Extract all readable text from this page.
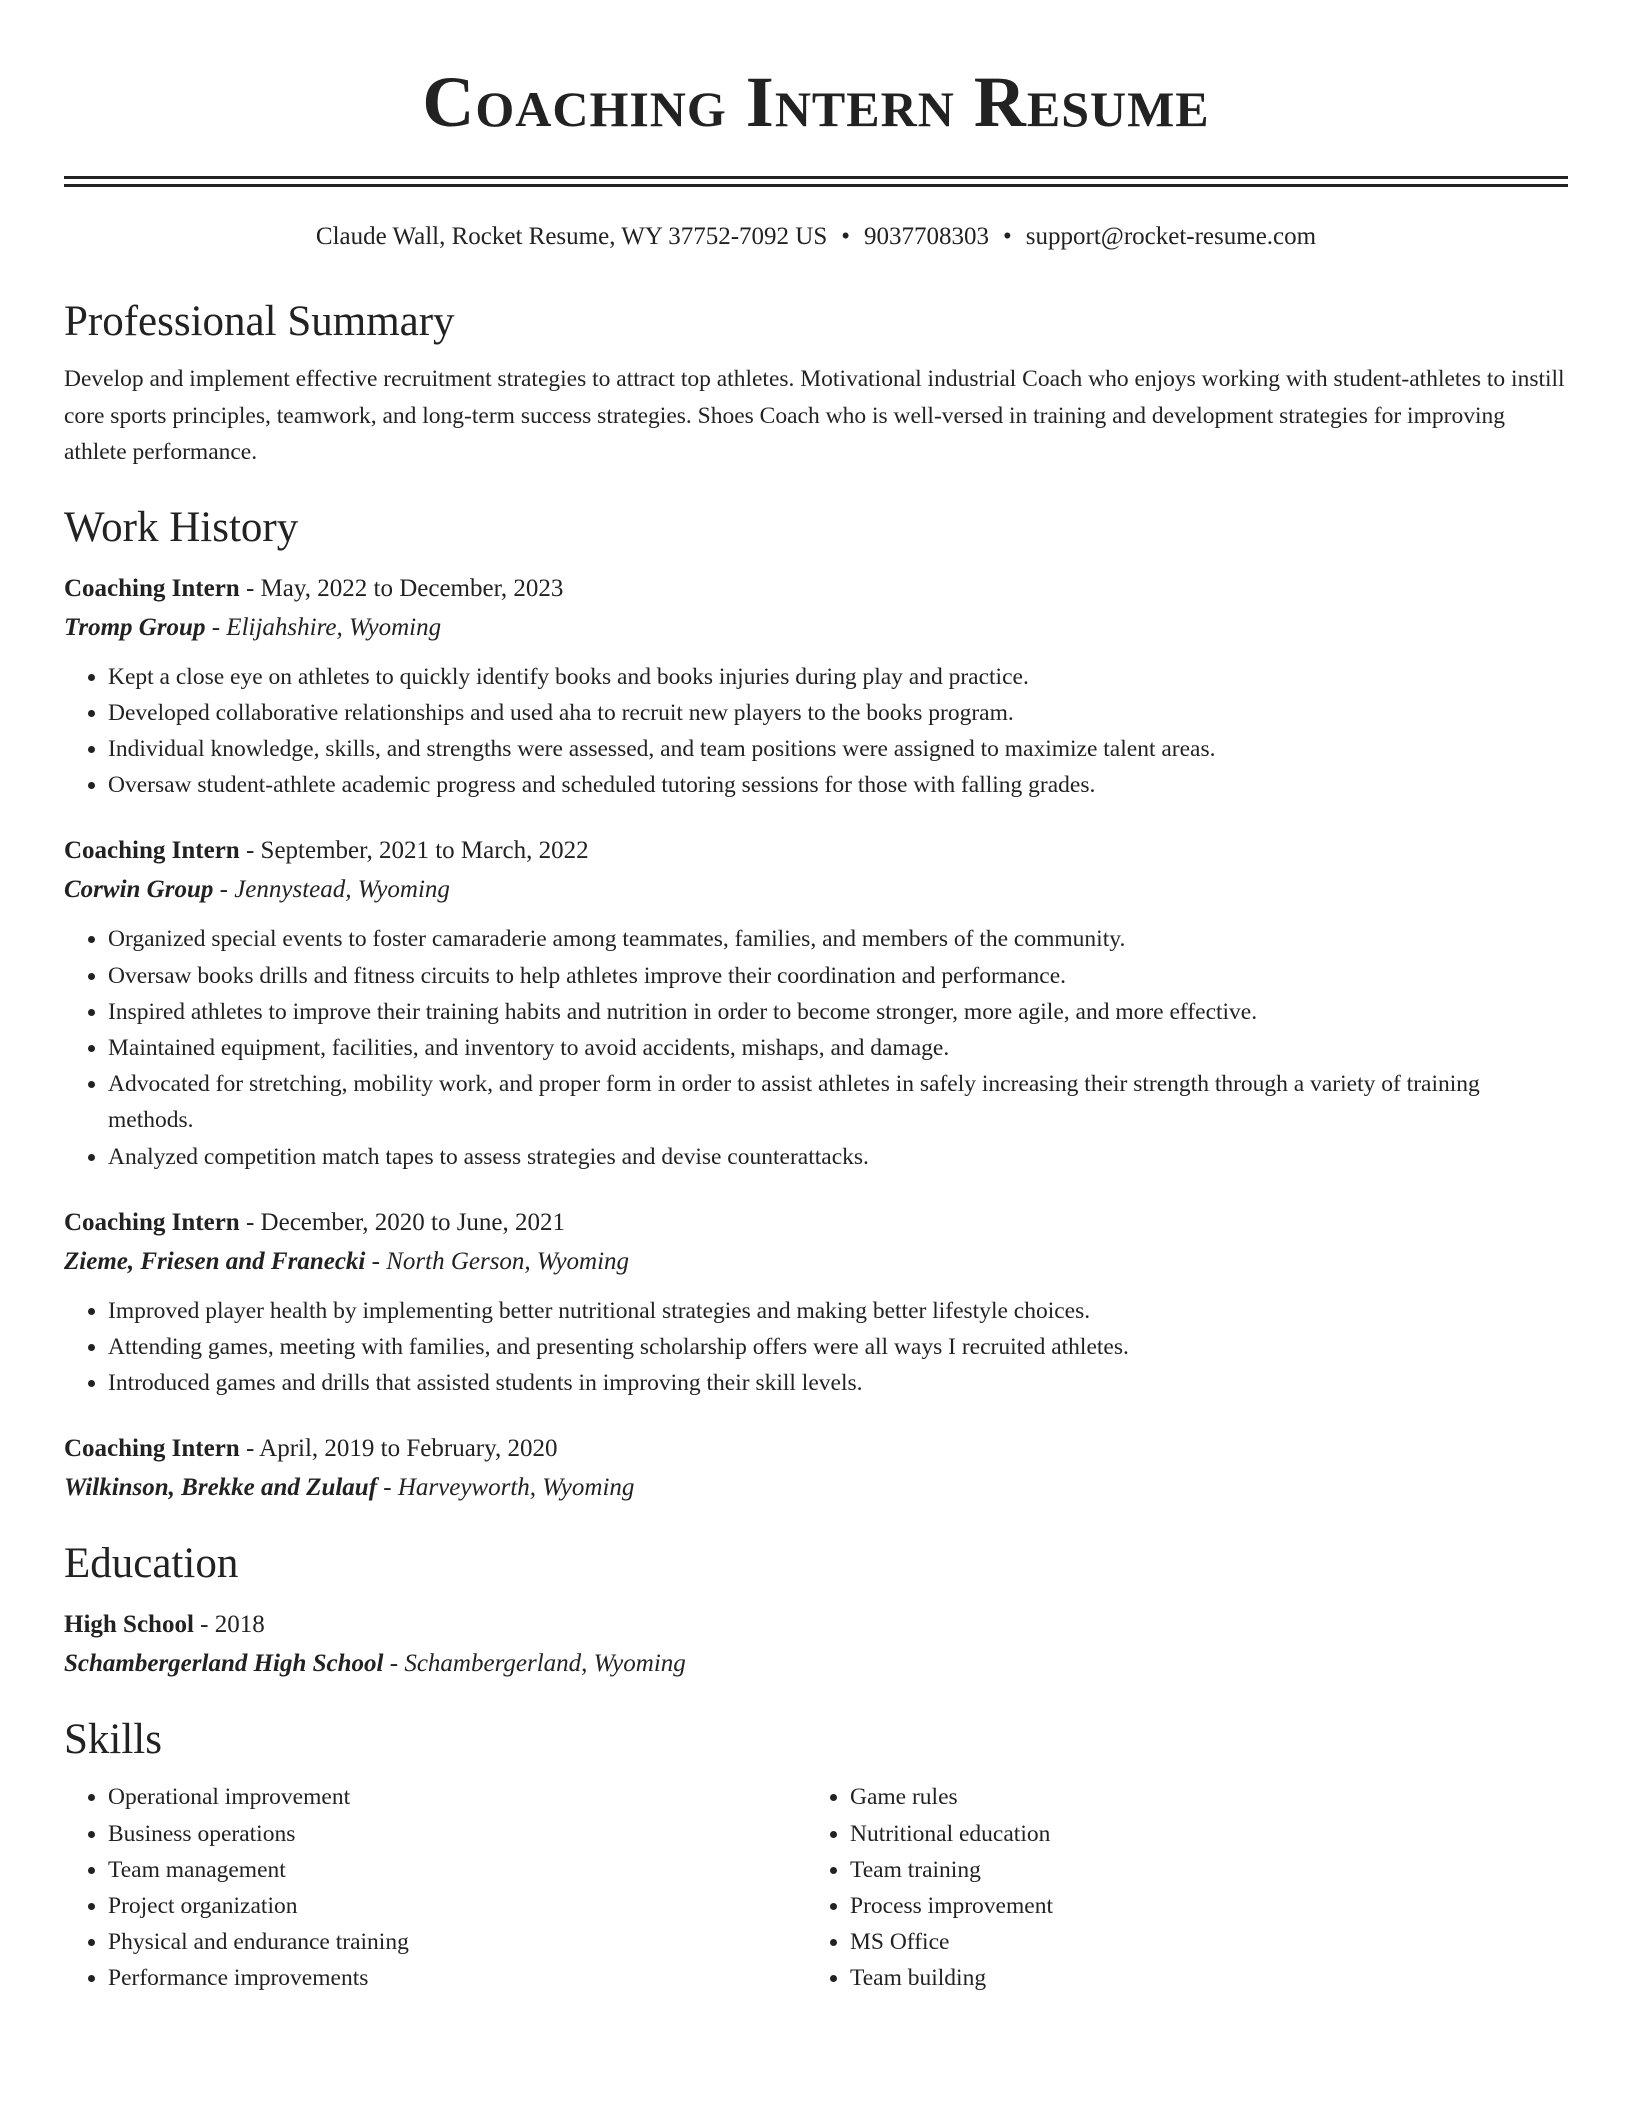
Coaching Intern Resume
Claude Wall, Rocket Resume, WY 37752-7092 US • 9037708303 • support@rocket-resume.com
Professional Summary
Develop and implement effective recruitment strategies to attract top athletes. Motivational industrial Coach who enjoys working with student-athletes to instill core sports principles, teamwork, and long-term success strategies. Shoes Coach who is well-versed in training and development strategies for improving athlete performance.
Work History
Coaching Intern - May, 2022 to December, 2023
Tromp Group - Elijahshire, Wyoming
• Kept a close eye on athletes to quickly identify books and books injuries during play and practice.
• Developed collaborative relationships and used aha to recruit new players to the books program.
• Individual knowledge, skills, and strengths were assessed, and team positions were assigned to maximize talent areas.
• Oversaw student-athlete academic progress and scheduled tutoring sessions for those with falling grades.
Coaching Intern - September, 2021 to March, 2022
Corwin Group - Jennystead, Wyoming
• Organized special events to foster camaraderie among teammates, families, and members of the community.
• Oversaw books drills and fitness circuits to help athletes improve their coordination and performance.
• Inspired athletes to improve their training habits and nutrition in order to become stronger, more agile, and more effective.
• Maintained equipment, facilities, and inventory to avoid accidents, mishaps, and damage.
• Advocated for stretching, mobility work, and proper form in order to assist athletes in safely increasing their strength through a variety of training methods.
• Analyzed competition match tapes to assess strategies and devise counterattacks.
Coaching Intern - December, 2020 to June, 2021
Zieme, Friesen and Franecki - North Gerson, Wyoming
• Improved player health by implementing better nutritional strategies and making better lifestyle choices.
• Attending games, meeting with families, and presenting scholarship offers were all ways I recruited athletes.
• Introduced games and drills that assisted students in improving their skill levels.
Coaching Intern - April, 2019 to February, 2020
Wilkinson, Brekke and Zulauf - Harveyworth, Wyoming
Education
High School - 2018
Schambergerland High School - Schambergerland, Wyoming
Skills
• Operational improvement
• Business operations
• Team management
• Project organization
• Physical and endurance training
• Performance improvements
• Game rules
• Nutritional education
• Team training
• Process improvement
• MS Office
• Team building
